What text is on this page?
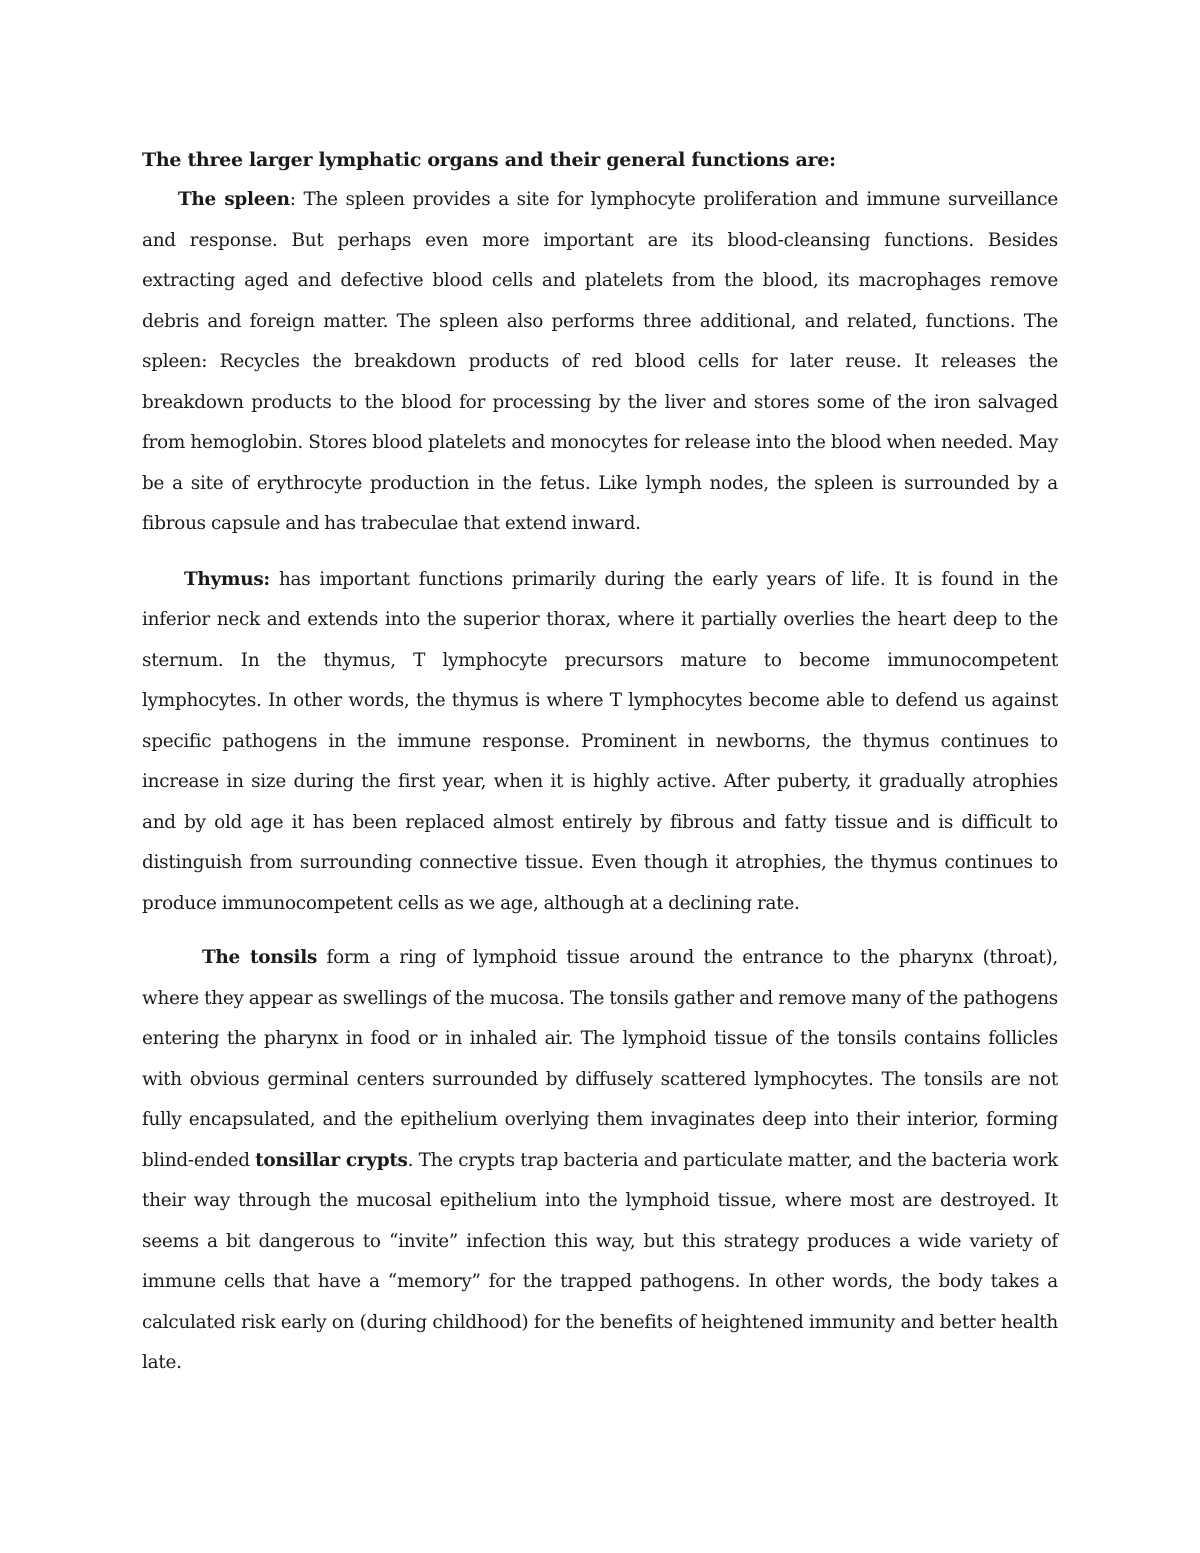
The three larger lymphatic organs and their general functions are:

The spleen: The spleen provides a site for lymphocyte proliferation and immune surveillance and response. But perhaps even more important are its blood-cleansing functions. Besides extracting aged and defective blood cells and platelets from the blood, its macrophages remove debris and foreign matter. The spleen also performs three additional, and related, functions. The spleen: Recycles the breakdown products of red blood cells for later reuse. It releases the breakdown products to the blood for processing by the liver and stores some of the iron salvaged from hemoglobin. Stores blood platelets and monocytes for release into the blood when needed. May be a site of erythrocyte production in the fetus. Like lymph nodes, the spleen is surrounded by a fibrous capsule and has trabeculae that extend inward.

Thymus: has important functions primarily during the early years of life. It is found in the inferior neck and extends into the superior thorax, where it partially overlies the heart deep to the sternum. In the thymus, T lymphocyte precursors mature to become immunocompetent lymphocytes. In other words, the thymus is where T lymphocytes become able to defend us against specific pathogens in the immune response. Prominent in newborns, the thymus continues to increase in size during the first year, when it is highly active. After puberty, it gradually atrophies and by old age it has been replaced almost entirely by fibrous and fatty tissue and is difficult to distinguish from surrounding connective tissue. Even though it atrophies, the thymus continues to produce immunocompetent cells as we age, although at a declining rate.

The tonsils form a ring of lymphoid tissue around the entrance to the pharynx (throat), where they appear as swellings of the mucosa. The tonsils gather and remove many of the pathogens entering the pharynx in food or in inhaled air. The lymphoid tissue of the tonsils contains follicles with obvious germinal centers surrounded by diffusely scattered lymphocytes. The tonsils are not fully encapsulated, and the epithelium overlying them invaginates deep into their interior, forming blind-ended tonsillar crypts. The crypts trap bacteria and particulate matter, and the bacteria work their way through the mucosal epithelium into the lymphoid tissue, where most are destroyed. It seems a bit dangerous to “invite” infection this way, but this strategy produces a wide variety of immune cells that have a “memory” for the trapped pathogens. In other words, the body takes a calculated risk early on (during childhood) for the benefits of heightened immunity and better health late.
